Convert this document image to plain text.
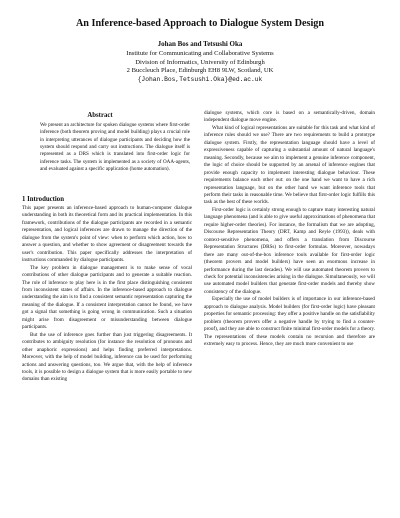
An Inference-based Approach to Dialogue System Design
Johan Bos and Tetsushi Oka
Institute for Communicating and Collaborative Systems
Division of Informatics, University of Edinburgh
2 Buccleuch Place, Edinburgh EH8 9LW, Scotland, UK
{Johan.Bos,Tetsushi.Oka}@ed.ac.uk
Abstract
We present an architecture for spoken dialogue systems where first-order inference (both theorem proving and model building) plays a crucial role in interpreting utterances of dialogue participants and deciding how the system should respond and carry out instructions. The dialogue itself is represented as a DRS which is translated into first-order logic for inference tasks. The system is implemented as a society of OAA-agents, and evaluated against a specific application (home automation).
1 Introduction

This paper presents an inference-based approach to human-computer dialogue understanding in both its theoretical form and its practical implementation. In this framework, contributions of the dialogue participants are recorded in a semantic representation, and logical inferences are drawn to manage the direction of the dialogue from the system's point of view: when to perform which action, how to answer a question, and whether to show agreement or disagreement towards the user's contribution. This paper specifically addresses the interpretation of instructions commanded by dialogue participants.

The key problem in dialogue management is to make sense of vocal contributions of other dialogue participants and to generate a suitable reaction. The role of inference to play here is in the first place distinguishing consistent from inconsistent states of affairs. In the inference-based approach to dialogue understanding the aim is to find a consistent semantic representation capturing the meaning of the dialogue. If a consistent interpretation cannot be found, we have got a signal that something is going wrong in communication. Such a situation might arise from disagreement or misunderstanding between dialogue participants.

But the use of inference goes further than just triggering disagreements. It contributes to ambiguity resolution (for instance the resolution of pronouns and other anaphoric expressions) and helps finding preferred interpretations. Moreover, with the help of model building, inference can be used for performing actions and answering questions, too. We argue that, with the help of inference tools, it is possible to design a dialogue system that is more easily portable to new domains than existing

dialogue systems, which core is based on a semantically-driven, domain independent dialogue move engine.

What kind of logical representations are suitable for this task and what kind of inference rules should we use? There are two requirements to build a prototype dialogue system. Firstly, the representation language should have a level of expressiveness capable of capturing a substantial amount of natural language's meaning. Secondly, because we aim to implement a genuine inference component, the logic of choice should be supported by an arsenal of inference engines that provide enough capacity to implement interesting dialogue behaviour. These requirements balance each other out: on the one hand we want to have a rich representation language, but on the other hand we want inference tools that perform their tasks in reasonable time. We believe that first-order logic fulfills this task as the best of these worlds.

First-order logic is certainly strong enough to capture many interesting natural language phenomena (and is able to give useful approximations of phenomena that require higher-order theories). For instance, the formalism that we are adopting, Discourse Representation Theory (DRT, Kamp and Reyle (1993)), deals with context-sensitive phenomena, and offers a translation from Discourse Representation Structures (DRSs) to first-order formulas. Moreover, nowadays there are many out-of-the-box inference tools available for first-order logic (theorem provers and model builders) have seen an enormous increase in performance during the last decades). We will use automated theorem provers to check for potential inconsistencies arising in the dialogue. Simultaneously, we will use automated model builders that generate first-order models and thereby show consistency of the dialogue.

Especially the use of model builders is of importance in our inference-based approach to dialogue analysis. Model builders (for first-order logic) have pleasant properties for semantic processing: they offer a positive handle on the satisfiability problem (theorem provers offer a negative handle by trying to find a counter-proof), and they are able to construct finite minimal first-order models for a theory. The representations of these models contain no recursion and therefore are extremely easy to process. Hence, they are much more convenient to use
